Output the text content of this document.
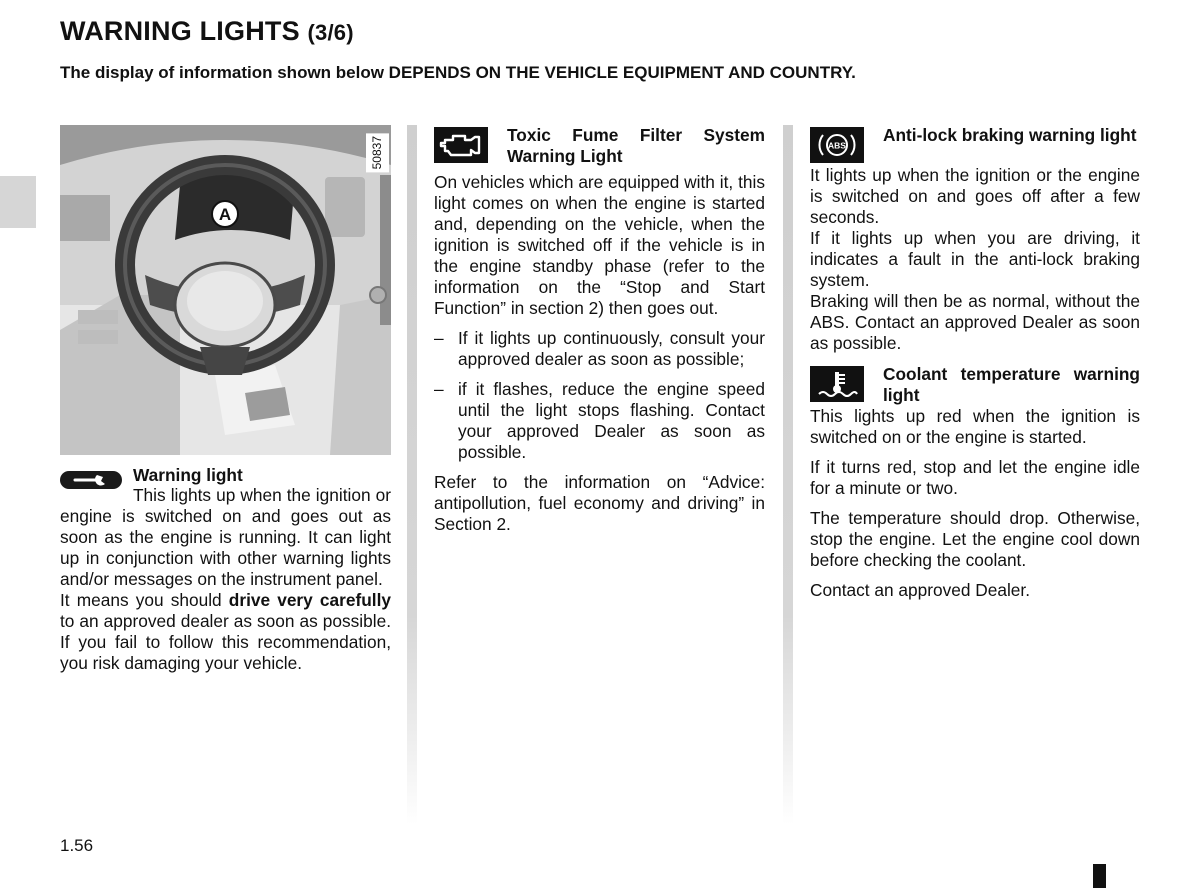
WARNING LIGHTS (3/6)
The display of information shown below DEPENDS ON THE VEHICLE EQUIPMENT AND COUNTRY.
A
50837
Warning light

This lights up when the ignition or engine is switched on and goes out as soon as the engine is running. It can light up in conjunction with other warning lights and/or messages on the instrument panel.

It means you should drive very carefully to an approved dealer as soon as possible. If you fail to follow this recommendation, you risk damaging your vehicle.

Toxic Fume Filter System Warning Light

On vehicles which are equipped with it, this light comes on when the engine is started and, depending on the vehicle, when the ignition is switched off if the vehicle is in the engine standby phase (refer to the information on the “Stop and Start Function” in section 2) then goes out.

– If it lights up continuously, consult your approved dealer as soon as possible;
– if it flashes, reduce the engine speed until the light stops flashing. Contact your approved Dealer as soon as possible.

Refer to the information on “Advice: antipollution, fuel economy and driving” in Section 2.

ABS
Anti-lock braking warning light

It lights up when the ignition or the engine is switched on and goes off after a few seconds.

If it lights up when you are driving, it indicates a fault in the anti-lock braking system.

Braking will then be as normal, without the ABS. Contact an approved Dealer as soon as possible.

Coolant temperature warning light

This lights up red when the ignition is switched on or the engine is started.

If it turns red, stop and let the engine idle for a minute or two.

The temperature should drop. Otherwise, stop the engine. Let the engine cool down before checking the coolant.

Contact an approved Dealer.

1.56
